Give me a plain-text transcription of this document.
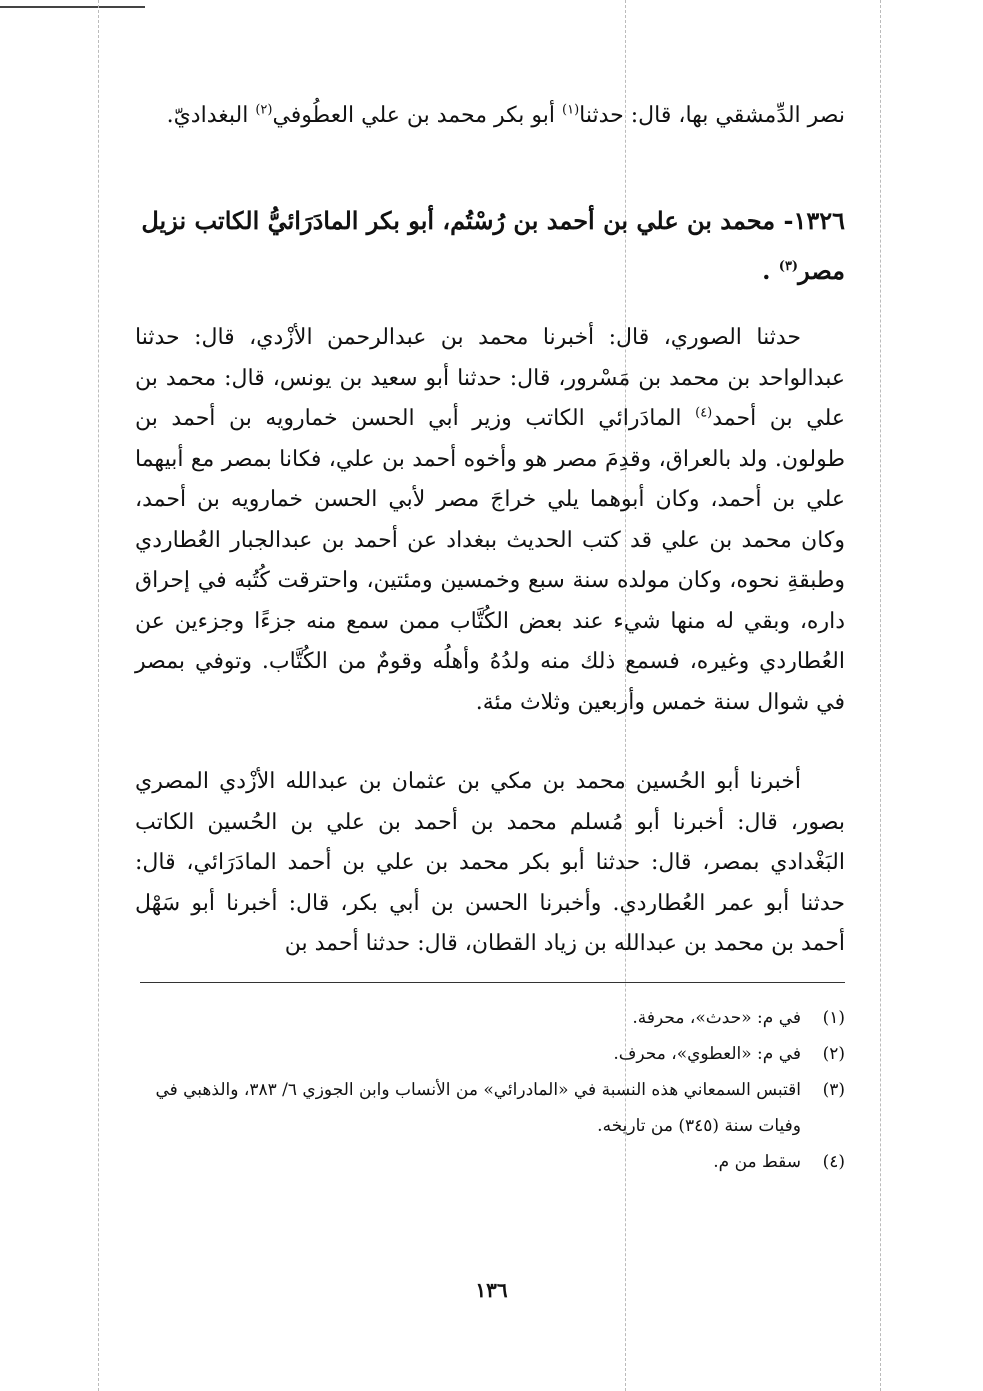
نصر الدِّمشقي بها، قال: حدثنا$^{(١)}$ أبو بكر محمد بن علي العطُوفي$^{(٢)}$ البغداديّ.

١٣٢٦- محمد بن علي بن أحمد بن رُسْتُم، أبو بكر المادَرَائيُّ الكاتب نزيل مصر$^{(٣)}$ .

حدثنا الصوري، قال: أخبرنا محمد بن عبدالرحمن الأزْدي، قال: حدثنا عبدالواحد بن محمد بن مَسْرور، قال: حدثنا أبو سعيد بن يونس، قال: محمد بن علي بن أحمد$^{(٤)}$ المادَرائي الكاتب وزير أبي الحسن خمارويه بن أحمد بن طولون. ولد بالعراق، وقدِمَ مصر هو وأخوه أحمد بن علي، فكانا بمصر مع أبيهما علي بن أحمد، وكان أبوهما يلي خراجَ مصر لأبي الحسن خمارويه بن أحمد، وكان محمد بن علي قد كتب الحديث ببغداد عن أحمد بن عبدالجبار العُطاردي وطبقةِ نحوه، وكان مولده سنة سبع وخمسين ومئتين، واحترقت كُتُبه في إحراق داره، وبقي له منها شيء عند بعض الكُتَّاب ممن سمع منه جزءًا وجزءين عن العُطاردي وغيره، فسمع ذلك منه ولدُهُ وأهلُه وقومٌ من الكُتَّاب. وتوفي بمصر في شوال سنة خمس وأربعين وثلاث مئة.

أخبرنا أبو الحُسين محمد بن مكي بن عثمان بن عبدالله الأزْدي المصري بصور، قال: أخبرنا أبو مُسلم محمد بن أحمد بن علي بن الحُسين الكاتب البَغْدادي بمصر، قال: حدثنا أبو بكر محمد بن علي بن أحمد المادَرَائي، قال: حدثنا أبو عمر العُطاردي. وأخبرنا الحسن بن أبي بكر، قال: أخبرنا أبو سَهْل أحمد بن محمد بن عبدالله بن زياد القطان، قال: حدثنا أحمد بن

(١)
في م: «حدث»، محرفة.
(٢)
في م: «العطوي»، محرف.
(٣)
اقتبس السمعاني هذه النسبة في «المادرائي» من الأنساب وابن الجوزي ٦/ ٣٨٣، والذهبي في وفيات سنة (٣٤٥) من تاريخه.
(٤)
سقط من م.
١٣٦
